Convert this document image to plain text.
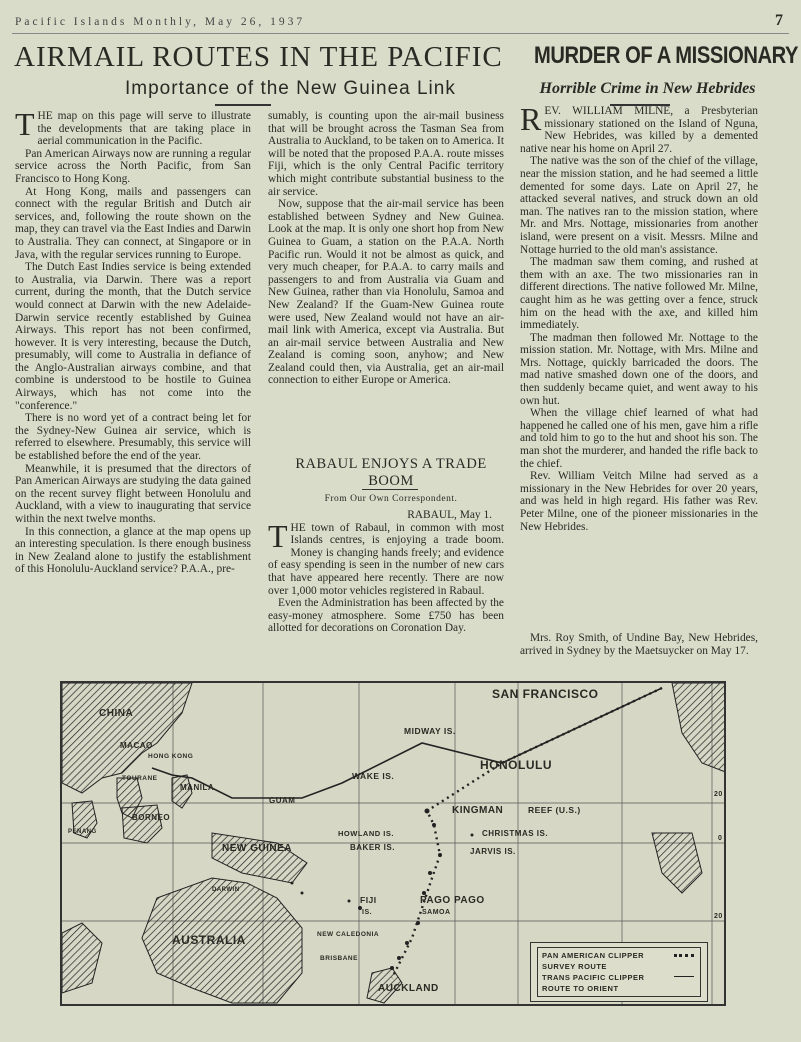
Pacific Islands Monthly, May 26, 1937	7
AIRMAIL ROUTES IN THE PACIFIC MURDER OF A MISSIONARY
Importance of the New Guinea Link	Horrible Crime in New Hebrides

THE map on this page will serve to illustrate the developments that are taking place in aerial communication in the Pacific.

Pan American Airways now are running a regular service across the North Pacific, from San Francisco to Hong Kong.

At Hong Kong, mails and passengers can connect with the regular British and Dutch air services, and, following the route shown on the map, they can travel via the East Indies and Darwin to Australia. They can connect, at Singapore or in Java, with the regular services running to Europe.

The Dutch East Indies service is being extended to Australia, via Darwin. There was a report current, during the month, that the Dutch service would connect at Darwin with the new Adelaide-Darwin service recently established by Guinea Airways. This report has not been confirmed, however. It is very interesting, because the Dutch, presumably, will come to Australia in defiance of the Anglo-Australian airways combine, and that combine is understood to be hostile to Guinea Airways, which has not come into the "conference."

There is no word yet of a contract being let for the Sydney-New Guinea air service, which is referred to elsewhere. Presumably, this service will be established before the end of the year.

Meanwhile, it is presumed that the directors of Pan American Airways are studying the data gained on the recent survey flight between Honolulu and Auckland, with a view to inaugurating that service within the next twelve months.

In this connection, a glance at the map opens up an interesting speculation. Is there enough business in New Zealand alone to justify the establishment of this Honolulu-Auckland service? P.A.A., pre-

sumably, is counting upon the air-mail business that will be brought across the Tasman Sea from Australia to Auckland, to be taken on to America. It will be noted that the proposed P.A.A. route misses Fiji, which is the only Central Pacific territory which might contribute substantial business to the air service.

Now, suppose that the air-mail service has been established between Sydney and New Guinea. Look at the map. It is only one short hop from New Guinea to Guam, a station on the P.A.A. North Pacific run. Would it not be almost as quick, and very much cheaper, for P.A.A. to carry mails and passengers to and from Australia via Guam and New Guinea, rather than via Honolulu, Samoa and New Zealand? If the Guam-New Guinea route were used, New Zealand would not have an air-mail link with America, except via Australia. But an air-mail service between Australia and New Zealand is coming soon, anyhow; and New Zealand could then, via Australia, get an air-mail connection to either Europe or America.

RABAUL ENJOYS A TRADE BOOM
From Our Own Correspondent.

RABAUL, May 1.

THE town of Rabaul, in common with most Islands centres, is enjoying a trade boom. Money is changing hands freely; and evidence of easy spending is seen in the number of new cars that have appeared here recently. There are now over 1,000 motor vehicles registered in Rabaul.

Even the Administration has been affected by the easy-money atmosphere. Some £750 has been allotted for decorations on Coronation Day.

REV. WILLIAM MILNE, a Presbyterian missionary stationed on the Island of Nguna, New Hebrides, was killed by a demented native near his home on April 27.

The native was the son of the chief of the village, near the mission station, and he had seemed a little demented for some days. Late on April 27, he attacked several natives, and struck down an old man. The natives ran to the mission station, where Mr. and Mrs. Nottage, missionaries from another island, were present on a visit. Messrs. Milne and Nottage hurried to the old man's assistance.

The madman saw them coming, and rushed at them with an axe. The two missionaries ran in different directions. The native followed Mr. Milne, caught him as he was getting over a fence, struck him on the head with the axe, and killed him immediately.

The madman then followed Mr. Nottage to the mission station. Mr. Nottage, with Mrs. Milne and Mrs. Nottage, quickly barricaded the doors. The mad native smashed down one of the doors, and then suddenly became quiet, and went away to his own hut.

When the village chief learned of what had happened he called one of his men, gave him a rifle and told him to go to the hut and shoot his son. The man shot the murderer, and handed the rifle back to the chief.

Rev. William Veitch Milne had served as a missionary in the New Hebrides for over 20 years, and was held in high regard. His father was Rev. Peter Milne, one of the pioneer missionaries in the New Hebrides.

Mrs. Roy Smith, of Undine Bay, New Hebrides, arrived in Sydney by the Maetsuycker on May 17.

SAN FRANCISCO
CHINA
MACAO
HONG KONG
TOURANE
MANILA
MIDWAY IS.
HONOLULU
WAKE IS.
GUAM
BORNEO
PENANG
KINGMAN	REEF (U.S.)
HOWLAND IS.	CHRISTMAS IS.
NEW GUINEA	BAKER IS.	JARVIS IS.
DARWIN
FIJI
IS.
PAGO PAGO
SAMOA
AUSTRALIA	NEW CALEDONIA
BRISBANE
AUCKLAND
20
0
20
PAN AMERICAN CLIPPER
SURVEY ROUTE
TRANS PACIFIC CLIPPER
ROUTE TO ORIENT
